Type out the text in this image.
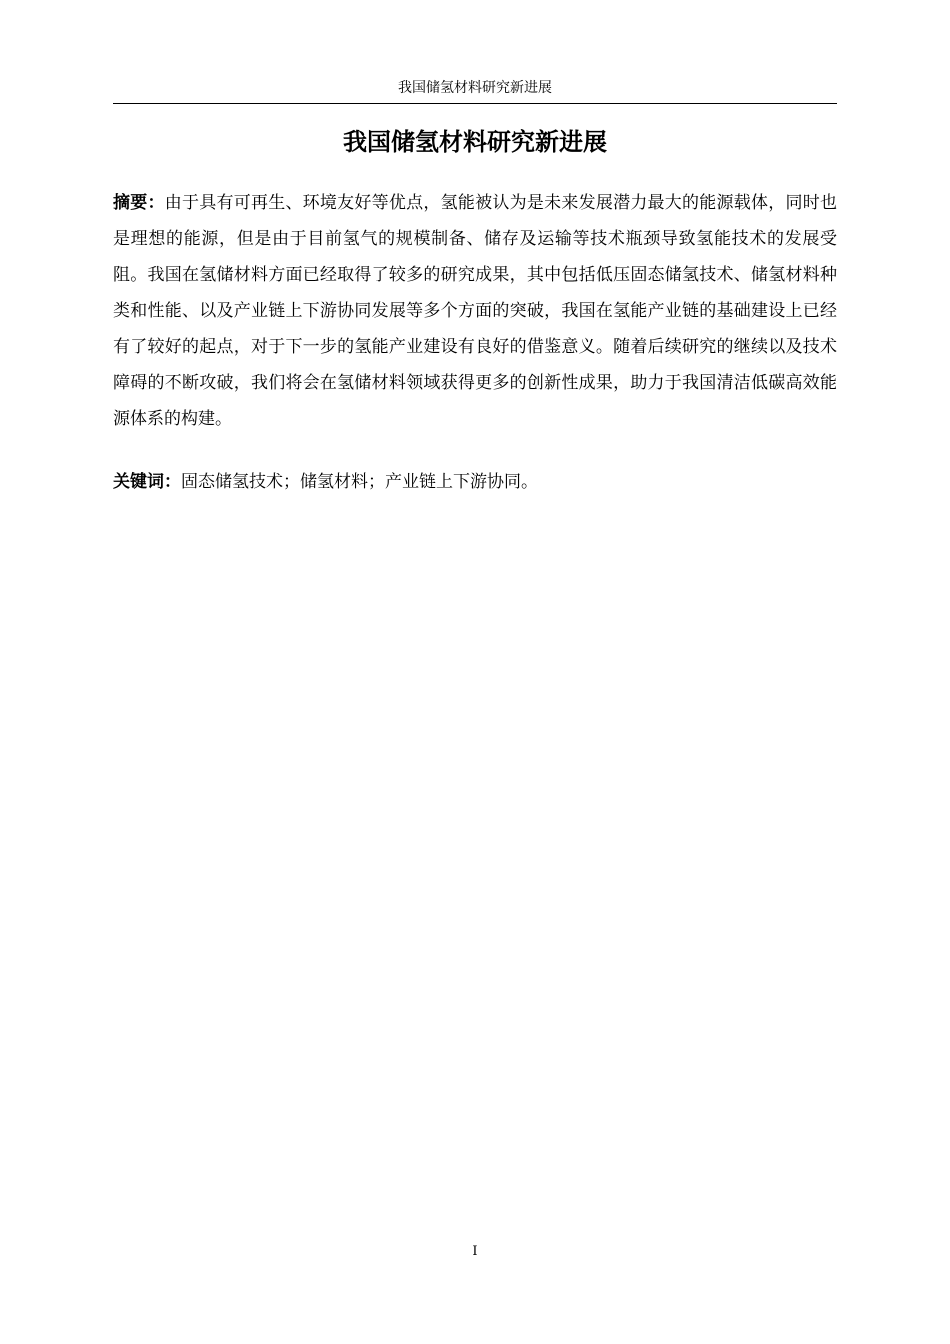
我国储氢材料研究新进展
我国储氢材料研究新进展

摘要：由于具有可再生、环境友好等优点，氢能被认为是未来发展潜力最大的能源载体，同时也是理想的能源，但是由于目前氢气的规模制备、储存及运输等技术瓶颈导致氢能技术的发展受阻。我国在氢储材料方面已经取得了较多的研究成果，其中包括低压固态储氢技术、储氢材料种类和性能、以及产业链上下游协同发展等多个方面的突破，我国在氢能产业链的基础建设上已经有了较好的起点，对于下一步的氢能产业建设有良好的借鉴意义。随着后续研究的继续以及技术障碍的不断攻破，我们将会在氢储材料领域获得更多的创新性成果，助力于我国清洁低碳高效能源体系的构建。

关键词：固态储氢技术；储氢材料；产业链上下游协同。

I
